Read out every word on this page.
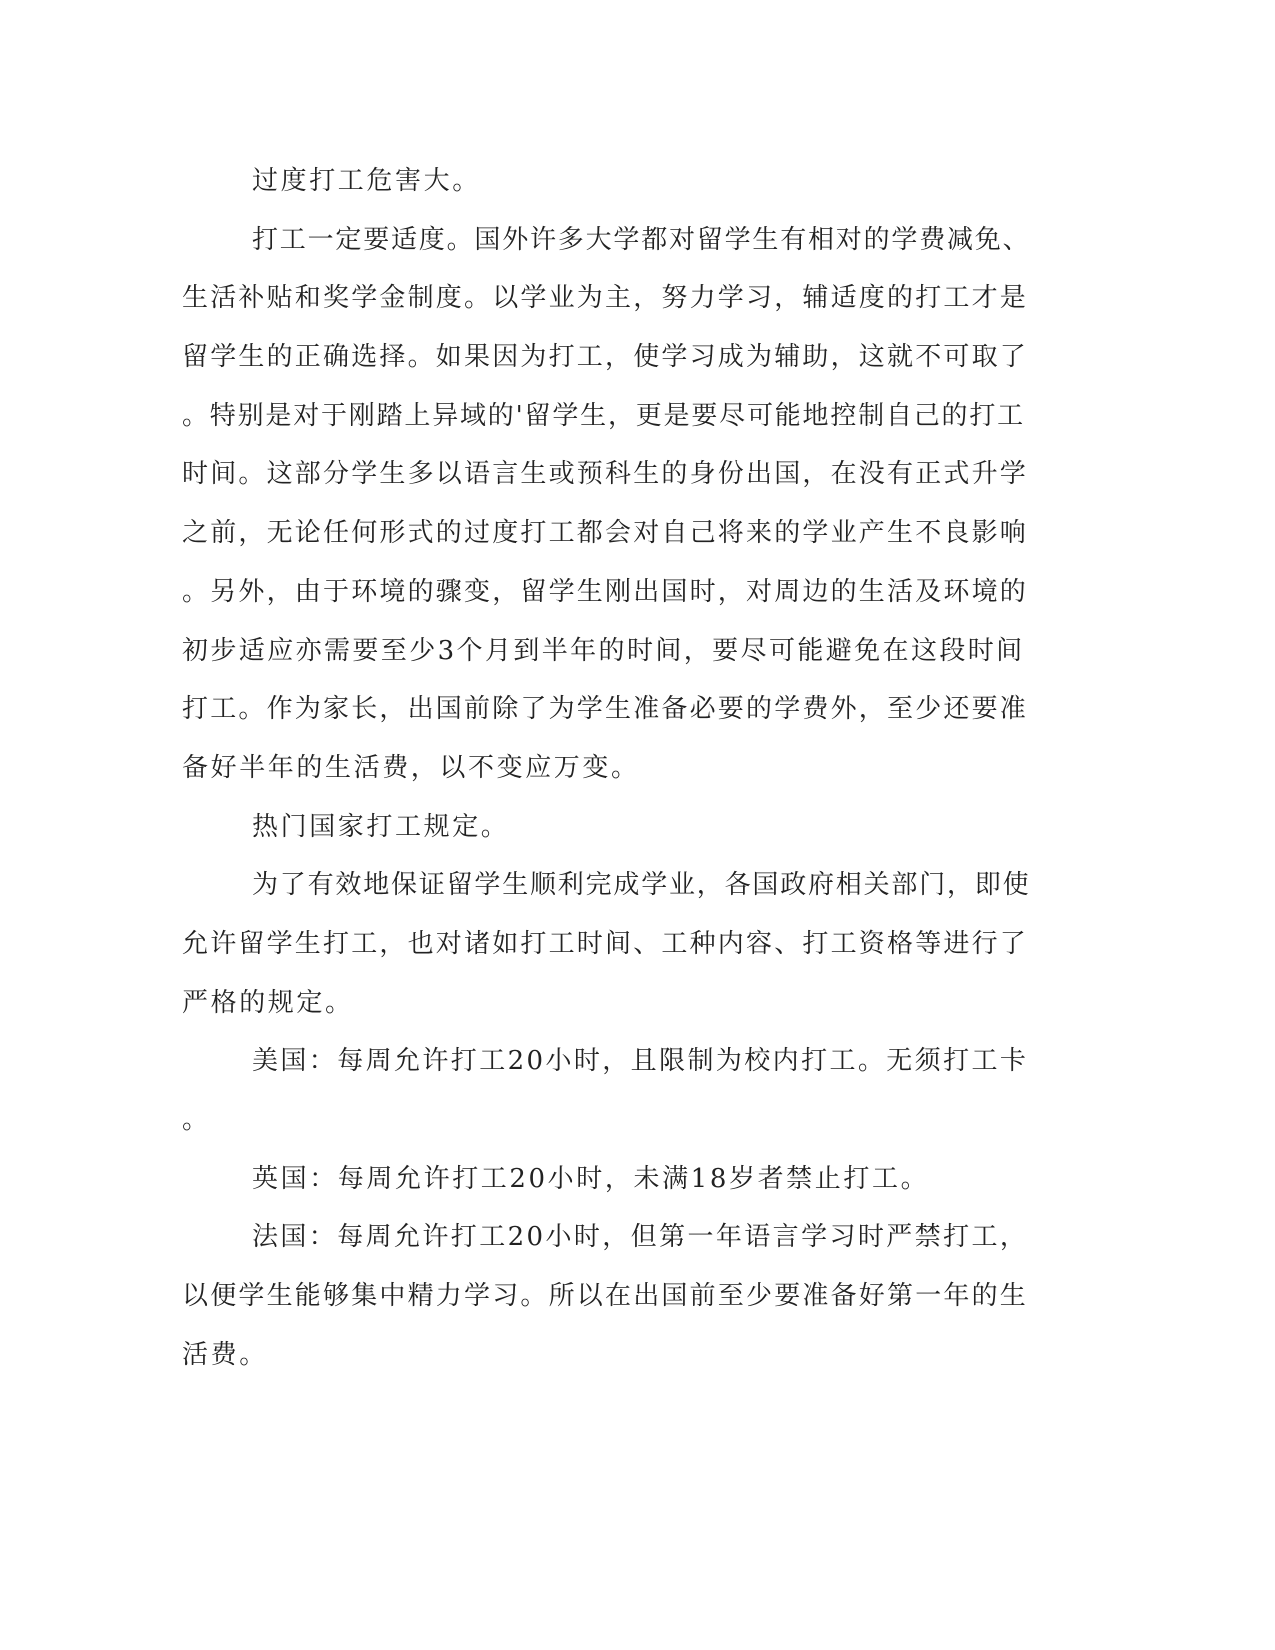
过度打工危害大。
打工一定要适度。国外许多大学都对留学生有相对的学费减免、
生活补贴和奖学金制度。以学业为主，努力学习，辅适度的打工才是
留学生的正确选择。如果因为打工，使学习成为辅助，这就不可取了
。特别是对于刚踏上异域的'留学生，更是要尽可能地控制自己的打工
时间。这部分学生多以语言生或预科生的身份出国，在没有正式升学
之前，无论任何形式的过度打工都会对自己将来的学业产生不良影响
。另外，由于环境的骤变，留学生刚出国时，对周边的生活及环境的
初步适应亦需要至少3个月到半年的时间，要尽可能避免在这段时间
打工。作为家长，出国前除了为学生准备必要的学费外，至少还要准
备好半年的生活费，以不变应万变。
热门国家打工规定。
为了有效地保证留学生顺利完成学业，各国政府相关部门，即使
允许留学生打工，也对诸如打工时间、工种内容、打工资格等进行了
严格的规定。
美国：每周允许打工20小时，且限制为校内打工。无须打工卡
。
英国：每周允许打工20小时，未满18岁者禁止打工。
法国：每周允许打工20小时，但第一年语言学习时严禁打工，
以便学生能够集中精力学习。所以在出国前至少要准备好第一年的生
活费。
